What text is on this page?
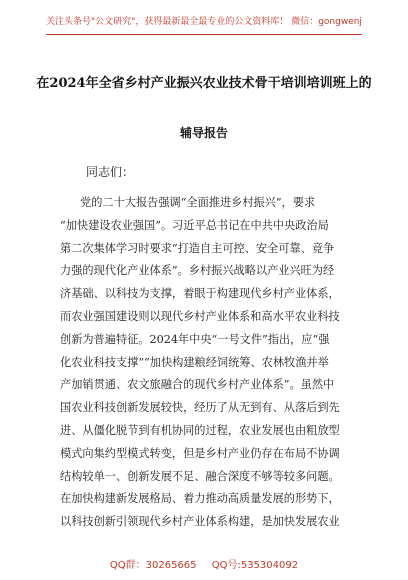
关注头条号"公文研究"，获得最新最全最专业的公文资料库！ 微信：gongwenj
在2024年全省乡村产业振兴农业技术骨干培训培训班上的
辅导报告
同志们：
党的二十大报告强调“全面推进乡村振兴”，要求
“加快建设农业强国”。习近平总书记在中共中央政治局
第二次集体学习时要求“打造自主可控、安全可靠、竞争
力强的现代化产业体系”。乡村振兴战略以产业兴旺为经
济基础、以科技为支撑，着眼于构建现代乡村产业体系，
而农业强国建设则以现代乡村产业体系和高水平农业科技
创新为普遍特征。2024年中央“一号文件”指出，应“强
化农业科技支撑”“加快构建粮经饲统筹、农林牧渔并举
产加销贯通、农文旅融合的现代乡村产业体系”。虽然中
国农业科技创新发展较快，经历了从无到有、从落后到先
进、从僵化脱节到有机协同的过程，农业发展也由粗放型
模式向集约型模式转变，但是乡村产业仍存在布局不协调
结构较单一、创新发展不足、融合深度不够等较多问题。
在加快构建新发展格局、着力推动高质量发展的形势下，
以科技创新引领现代乡村产业体系构建，是加快发展农业
QQ群：30265665 QQ号:535304092
